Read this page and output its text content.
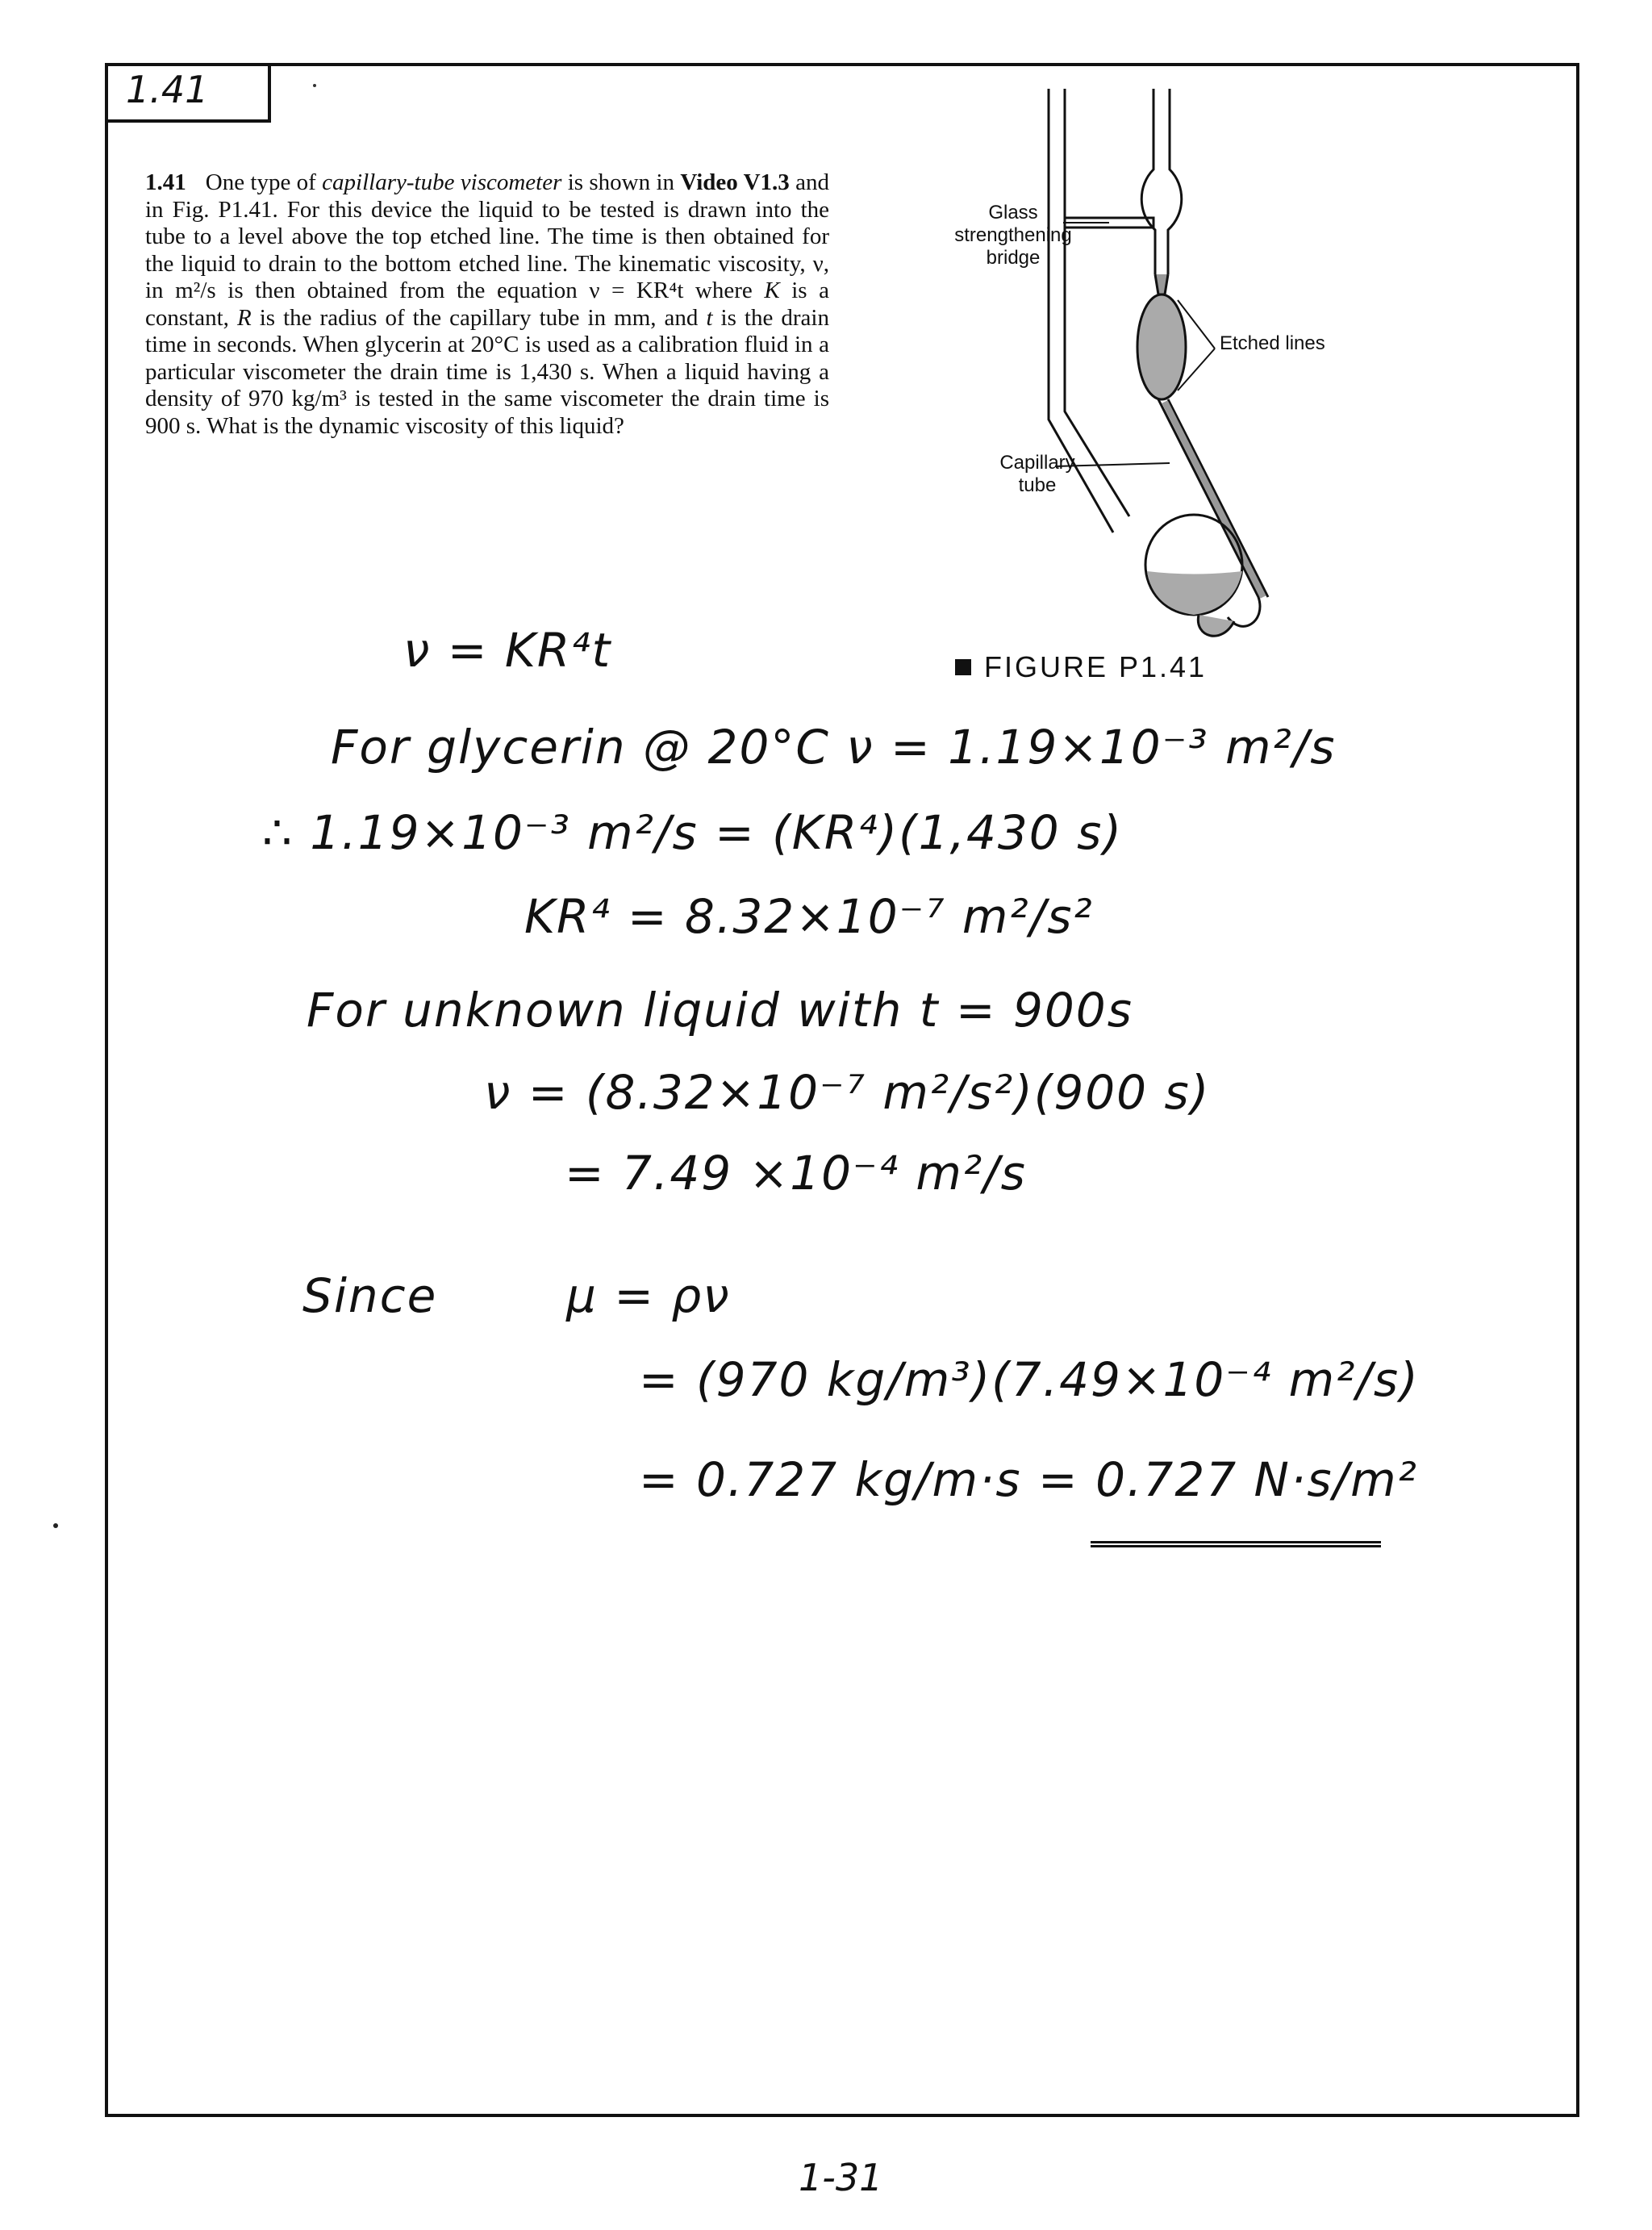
1.41
1.41 One type of capillary-tube viscometer is shown in Video V1.3 and in Fig. P1.41. For this device the liquid to be tested is drawn into the tube to a level above the top etched line. The time is then obtained for the liquid to drain to the bottom etched line. The kinematic viscosity, ν, in m²/s is then obtained from the equation ν = KR⁴t where K is a constant, R is the radius of the capillary tube in mm, and t is the drain time in seconds. When glycerin at 20°C is used as a calibration fluid in a particular viscometer the drain time is 1,430 s. When a liquid having a density of 970 kg/m³ is tested in the same viscometer the drain time is 900 s. What is the dynamic viscosity of this liquid?
Glass strengthening bridge
Etched lines
Capillary tube
FIGURE P1.41
ν = KR⁴t
For glycerin @ 20°C ν = 1.19×10⁻³ m²/s
∴ 1.19×10⁻³ m²/s = (KR⁴)(1,430 s)
KR⁴ = 8.32×10⁻⁷ m²/s²
For unknown liquid with t = 900s
ν = (8.32×10⁻⁷ m²/s²)(900 s)
= 7.49 ×10⁻⁴ m²/s
Since	μ = ρν
= (970 kg/m³)(7.49×10⁻⁴ m²/s)
= 0.727 kg/m·s = 0.727 N·s/m²
1-31
